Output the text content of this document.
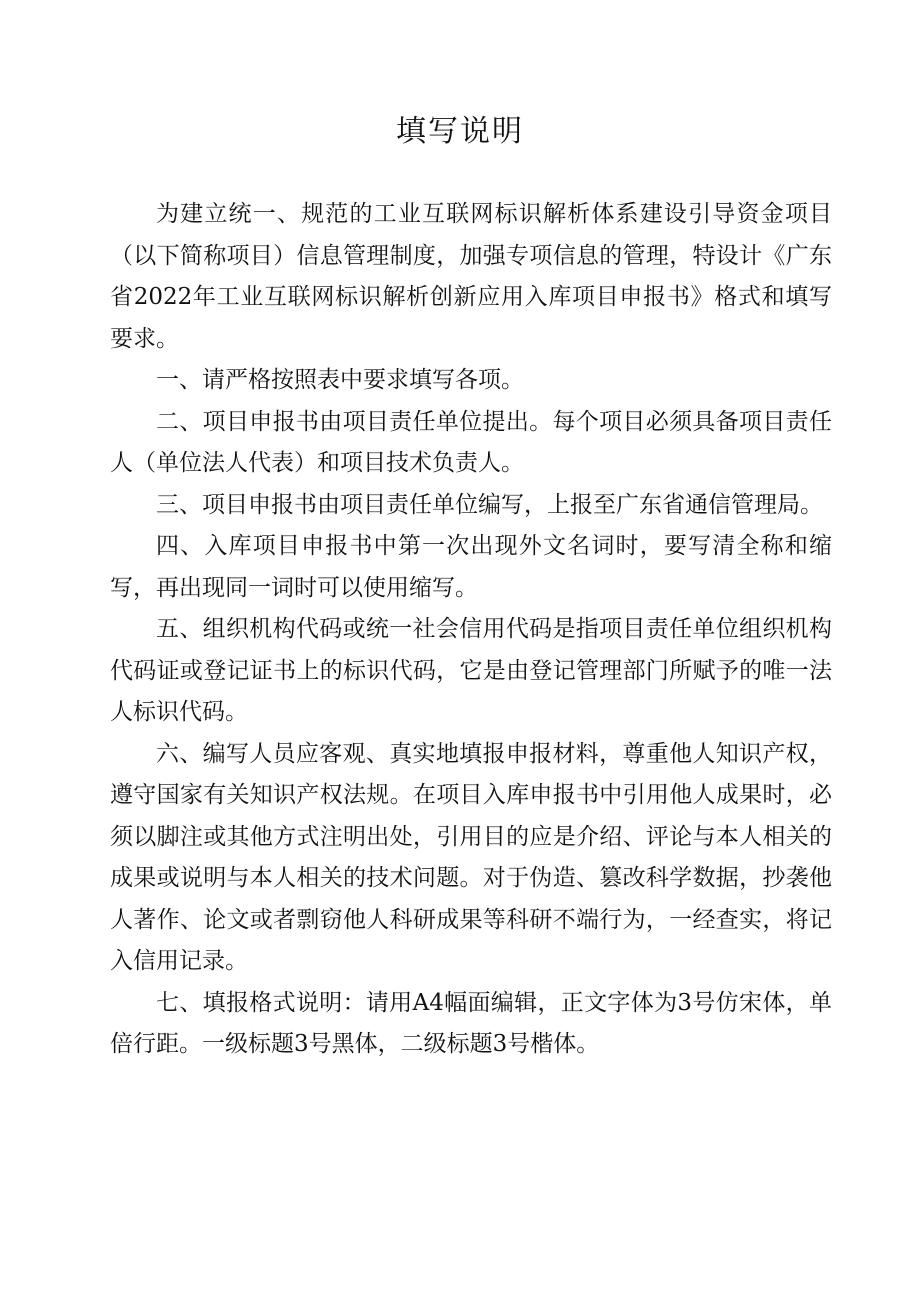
填写说明

为建立统一、规范的工业互联网标识解析体系建设引导资金项目（以下简称项目）信息管理制度，加强专项信息的管理，特设计《广东省2022年工业互联网标识解析创新应用入库项目申报书》格式和填写要求。

一、请严格按照表中要求填写各项。

二、项目申报书由项目责任单位提出。每个项目必须具备项目责任人（单位法人代表）和项目技术负责人。

三、项目申报书由项目责任单位编写，上报至广东省通信管理局。

四、入库项目申报书中第一次出现外文名词时，要写清全称和缩写，再出现同一词时可以使用缩写。

五、组织机构代码或统一社会信用代码是指项目责任单位组织机构代码证或登记证书上的标识代码，它是由登记管理部门所赋予的唯一法人标识代码。

六、编写人员应客观、真实地填报申报材料，尊重他人知识产权，遵守国家有关知识产权法规。在项目入库申报书中引用他人成果时，必须以脚注或其他方式注明出处，引用目的应是介绍、评论与本人相关的成果或说明与本人相关的技术问题。对于伪造、篡改科学数据，抄袭他人著作、论文或者剽窃他人科研成果等科研不端行为，一经查实，将记入信用记录。

七、填报格式说明：请用A4幅面编辑，正文字体为3号仿宋体，单倍行距。一级标题3号黑体，二级标题3号楷体。
